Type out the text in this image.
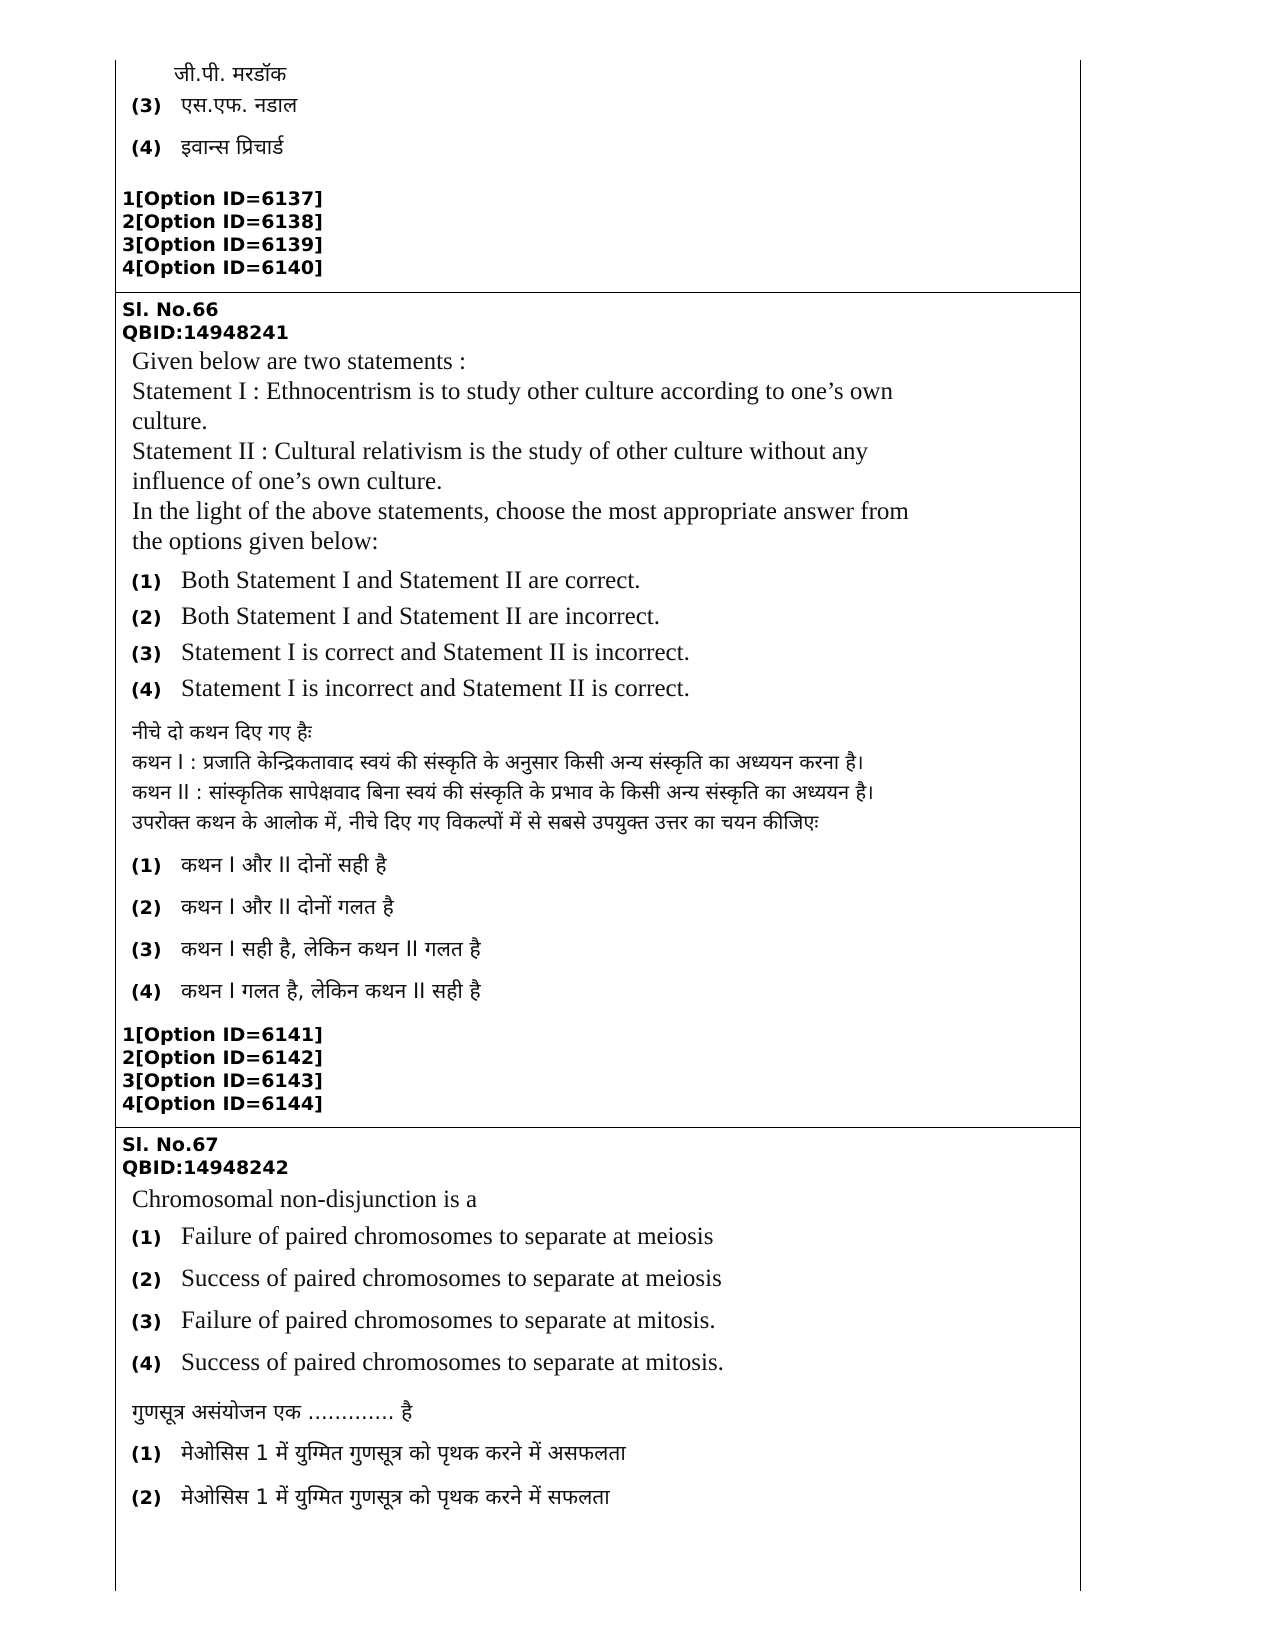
जी.पी. मरडॉक
(3) एस.एफ. नडाल
(4) इवान्स प्रिचार्ड
1[Option ID=6137]
2[Option ID=6138]
3[Option ID=6139]
4[Option ID=6140]
Sl. No.66
QBID:14948241
Given below are two statements :
Statement I : Ethnocentrism is to study other culture according to one’s own
culture.
Statement II : Cultural relativism is the study of other culture without any
influence of one’s own culture.
In the light of the above statements, choose the most appropriate answer from
the options given below:
(1) Both Statement I and Statement II are correct.
(2) Both Statement I and Statement II are incorrect.
(3) Statement I is correct and Statement II is incorrect.
(4) Statement I is incorrect and Statement II is correct.
नीचे दो कथन दिए गए हैः
कथन I : प्रजाति केन्द्रिकतावाद स्वयं की संस्कृति के अनुसार किसी अन्य संस्कृति का अध्ययन करना है।
कथन II : सांस्कृतिक सापेक्षवाद बिना स्वयं की संस्कृति के प्रभाव के किसी अन्य संस्कृति का अध्ययन है।
उपरोक्त कथन के आलोक में, नीचे दिए गए विकल्पों में से सबसे उपयुक्त उत्तर का चयन कीजिएः
(1) कथन I और II दोनों सही है
(2) कथन I और II दोनों गलत है
(3) कथन I सही है, लेकिन कथन II गलत है
(4) कथन I गलत है, लेकिन कथन II सही है
1[Option ID=6141]
2[Option ID=6142]
3[Option ID=6143]
4[Option ID=6144]
Sl. No.67
QBID:14948242
Chromosomal non-disjunction is a
(1) Failure of paired chromosomes to separate at meiosis
(2) Success of paired chromosomes to separate at meiosis
(3) Failure of paired chromosomes to separate at mitosis.
(4) Success of paired chromosomes to separate at mitosis.
गुणसूत्र असंयोजन एक ............. है
(1) मेओसिस 1 में युग्मित गुणसूत्र को पृथक करने में असफलता
(2) मेओसिस 1 में युग्मित गुणसूत्र को पृथक करने में सफलता
